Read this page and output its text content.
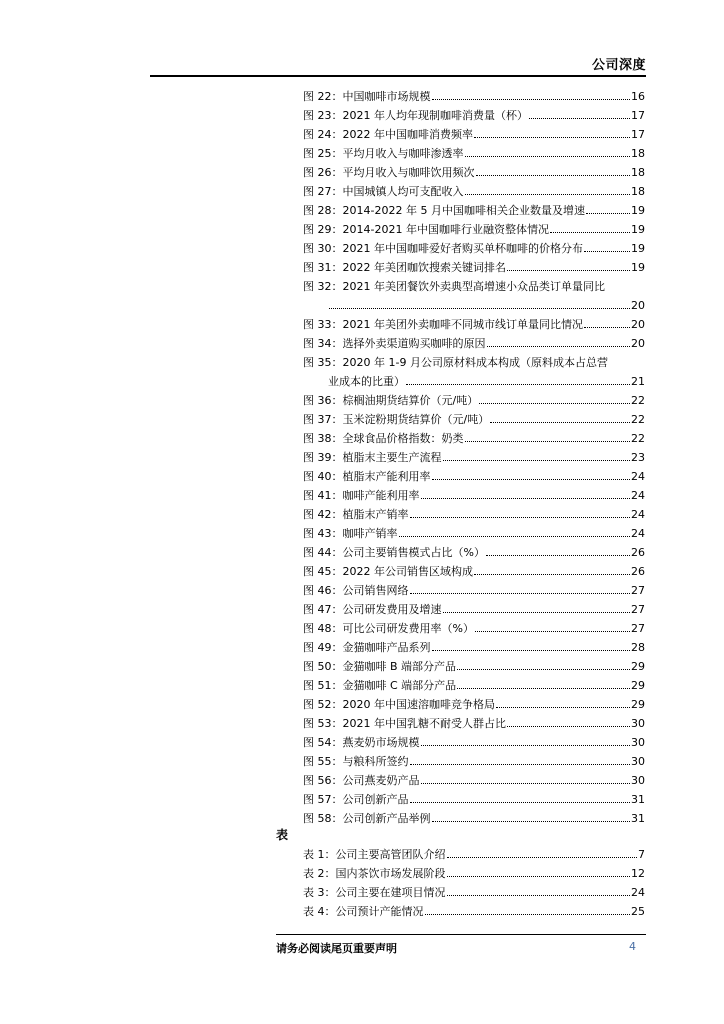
公司深度
图 22：中国咖啡市场规模	16
图 23：2021 年人均年现制咖啡消费量（杯）	17
图 24：2022 年中国咖啡消费频率	17
图 25：平均月收入与咖啡渗透率	18
图 26：平均月收入与咖啡饮用频次	18
图 27：中国城镇人均可支配收入	18
图 28：2014-2022 年 5 月中国咖啡相关企业数量及增速	19
图 29：2014-2021 年中国咖啡行业融资整体情况	19
图 30：2021 年中国咖啡爱好者购买单杯咖啡的价格分布	19
图 31：2022 年美团咖饮搜索关键词排名	19
图 32：2021 年美团餐饮外卖典型高增速小众品类订单量同比
20
图 33：2021 年美团外卖咖啡不同城市线订单量同比情况	20
图 34：选择外卖渠道购买咖啡的原因	20
图 35：2020 年 1-9 月公司原材料成本构成（原料成本占总营
业成本的比重）	21
图 36：棕榈油期货结算价（元/吨）	22
图 37：玉米淀粉期货结算价（元/吨）	22
图 38：全球食品价格指数：奶类	22
图 39：植脂末主要生产流程	23
图 40：植脂末产能利用率	24
图 41：咖啡产能利用率	24
图 42：植脂末产销率	24
图 43：咖啡产销率	24
图 44：公司主要销售模式占比（%）	26
图 45：2022 年公司销售区域构成	26
图 46：公司销售网络	27
图 47：公司研发费用及增速	27
图 48：可比公司研发费用率（%）	27
图 49：金猫咖啡产品系列	28
图 50：金猫咖啡 B 端部分产品	29
图 51：金猫咖啡 C 端部分产品	29
图 52：2020 年中国速溶咖啡竞争格局	29
图 53：2021 年中国乳糖不耐受人群占比	30
图 54：燕麦奶市场规模	30
图 55：与粮科所签约	30
图 56：公司燕麦奶产品	30
图 57：公司创新产品	31
图 58：公司创新产品举例	31
表
表 1：公司主要高管团队介绍	7
表 2：国内茶饮市场发展阶段	12
表 3：公司主要在建项目情况	24
表 4：公司预计产能情况	25
请务必阅读尾页重要声明	4
